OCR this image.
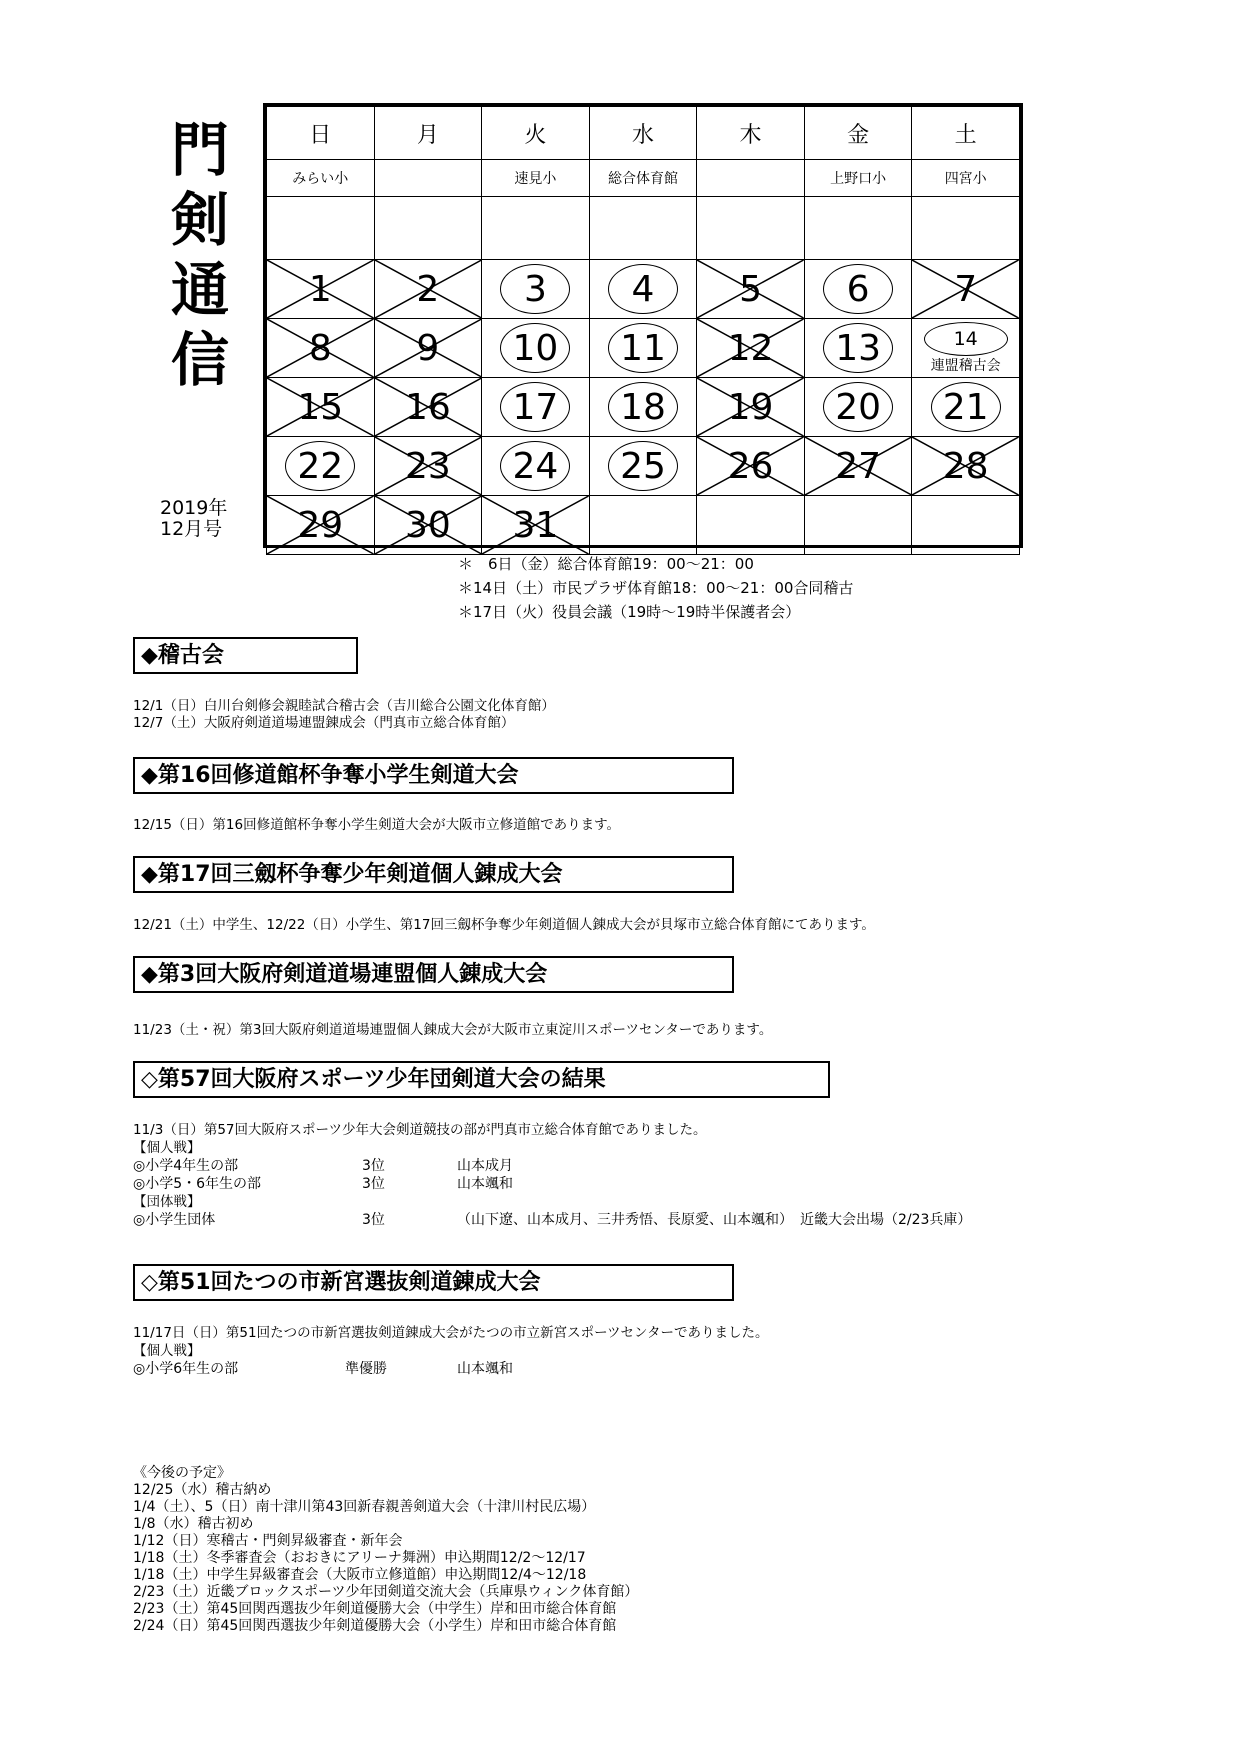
門
剣
通
信
2019年
12月号
日	月	火	水	木	金	土
みらい小		速見小	総合体育館		上野口小	四宮小

1	2	3	4	5	6	7

8	9	10	11	12	13	14
連盟稽古会

15	16	17	18	19	20	21

22	23	24	25	26	27	28

29	30	31				

＊　6日（金）総合体育館19：00～21：00
＊14日（土）市民プラザ体育館18：00～21：00合同稽古
＊17日（火）役員会議（19時～19時半保護者会）
◆稽古会
12/1（日）白川台剣修会親睦試合稽古会（吉川総合公園文化体育館）
12/7（土）大阪府剣道道場連盟錬成会（門真市立総合体育館）
◆第16回修道館杯争奪小学生剣道大会
12/15（日）第16回修道館杯争奪小学生剣道大会が大阪市立修道館であります。
◆第17回三劔杯争奪少年剣道個人錬成大会
12/21（土）中学生、12/22（日）小学生、第17回三劔杯争奪少年剣道個人錬成大会が貝塚市立総合体育館にてあります。
◆第3回大阪府剣道道場連盟個人錬成大会
11/23（土・祝）第3回大阪府剣道道場連盟個人錬成大会が大阪市立東淀川スポーツセンターであります。
◇第57回大阪府スポーツ少年団剣道大会の結果
11/3（日）第57回大阪府スポーツ少年大会剣道競技の部が門真市立総合体育館でありました。
【個人戦】
◎小学4年生の部	3位	山本成月
◎小学5・6年生の部	3位	山本颯和
【団体戦】
◎小学生団体	3位	（山下遼、山本成月、三井秀悟、長原愛、山本颯和）　近畿大会出場（2/23兵庫）
◇第51回たつの市新宮選抜剣道錬成大会
11/17日（日）第51回たつの市新宮選抜剣道錬成大会がたつの市立新宮スポーツセンターでありました。
【個人戦】
◎小学6年生の部	準優勝	山本颯和
《今後の予定》
12/25（水）稽古納め
1/4（土）、5（日）南十津川第43回新春親善剣道大会（十津川村民広場）
1/8（水）稽古初め
1/12（日）寒稽古・門剣昇級審査・新年会
1/18（土）冬季審査会（おおきにアリーナ舞洲）申込期間12/2～12/17
1/18（土）中学生昇級審査会（大阪市立修道館）申込期間12/4～12/18
2/23（土）近畿ブロックスポーツ少年団剣道交流大会（兵庫県ウィンク体育館）
2/23（土）第45回関西選抜少年剣道優勝大会（中学生）岸和田市総合体育館
2/24（日）第45回関西選抜少年剣道優勝大会（小学生）岸和田市総合体育館
